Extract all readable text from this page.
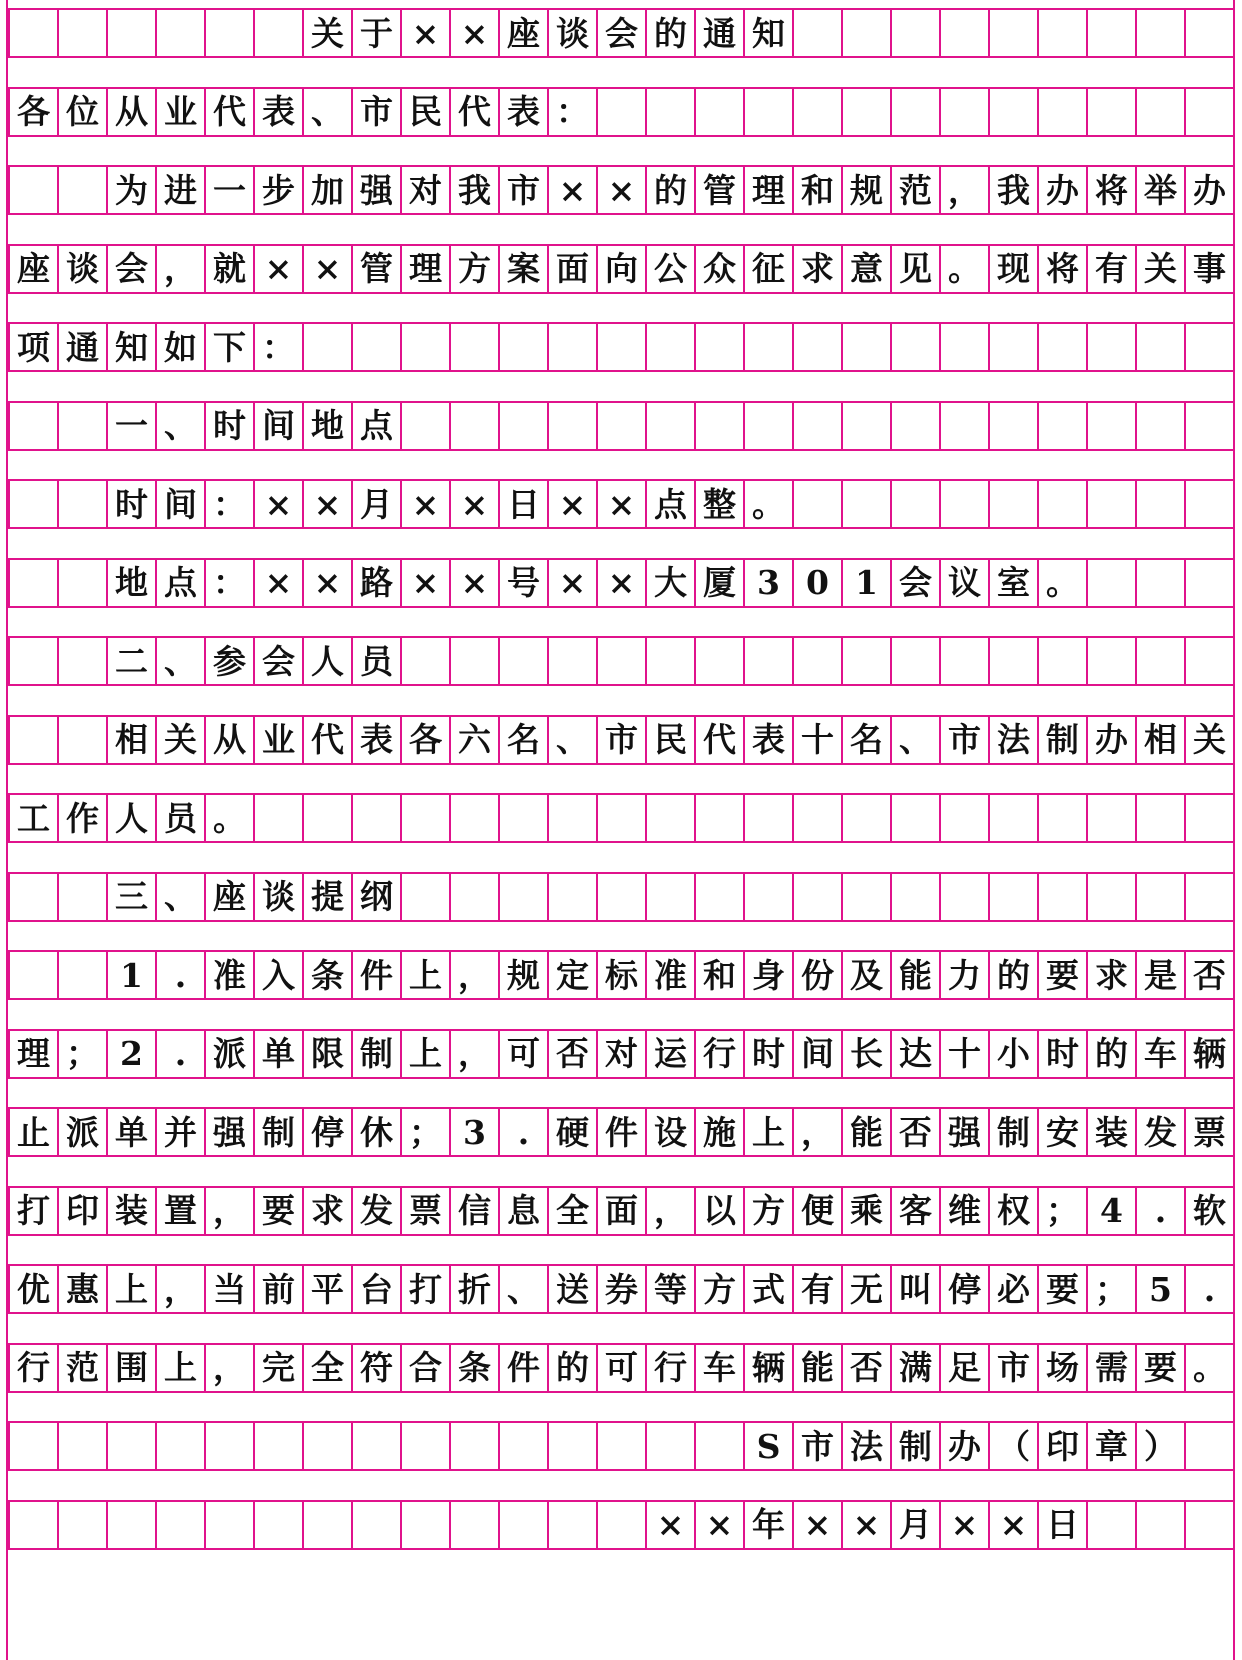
关 于 × × 座 谈 会 的 通 知
各 位 从 业 代 表 、 市 民 代 表 ：
为 进 一 步 加 强 对 我 市 × × 的 管 理 和 规 范 ， 我 办 将 举 办
座 谈 会 ， 就 × × 管 理 方 案 面 向 公 众 征 求 意 见 。 现 将 有 关 事
项 通 知 如 下 ：
一 、 时 间 地 点
时 间 ： × × 月 × × 日 × × 点 整 。
地 点 ： × × 路 × × 号 × × 大 厦 3 0 1 会 议 室 。
二 、 参 会 人 员
相 关 从 业 代 表 各 六 名 、 市 民 代 表 十 名 、 市 法 制 办 相 关
工 作 人 员 。
三 、 座 谈 提 纲
1 . 准 入 条 件 上 ， 规 定 标 准 和 身 份 及 能 力 的 要 求 是 否
理 ； 2 . 派 单 限 制 上 ， 可 否 对 运 行 时 间 长 达 十 小 时 的 车 辆
止 派 单 并 强 制 停 休 ； 3 . 硬 件 设 施 上 ， 能 否 强 制 安 装 发 票
打 印 装 置 ， 要 求 发 票 信 息 全 面 ， 以 方 便 乘 客 维 权 ； 4 . 软
优 惠 上 ， 当 前 平 台 打 折 、 送 券 等 方 式 有 无 叫 停 必 要 ； 5 .
行 范 围 上 ， 完 全 符 合 条 件 的 可 行 车 辆 能 否 满 足 市 场 需 要 。
S 市 法 制 办 （ 印 章 ）
× × 年 × × 月 × × 日
